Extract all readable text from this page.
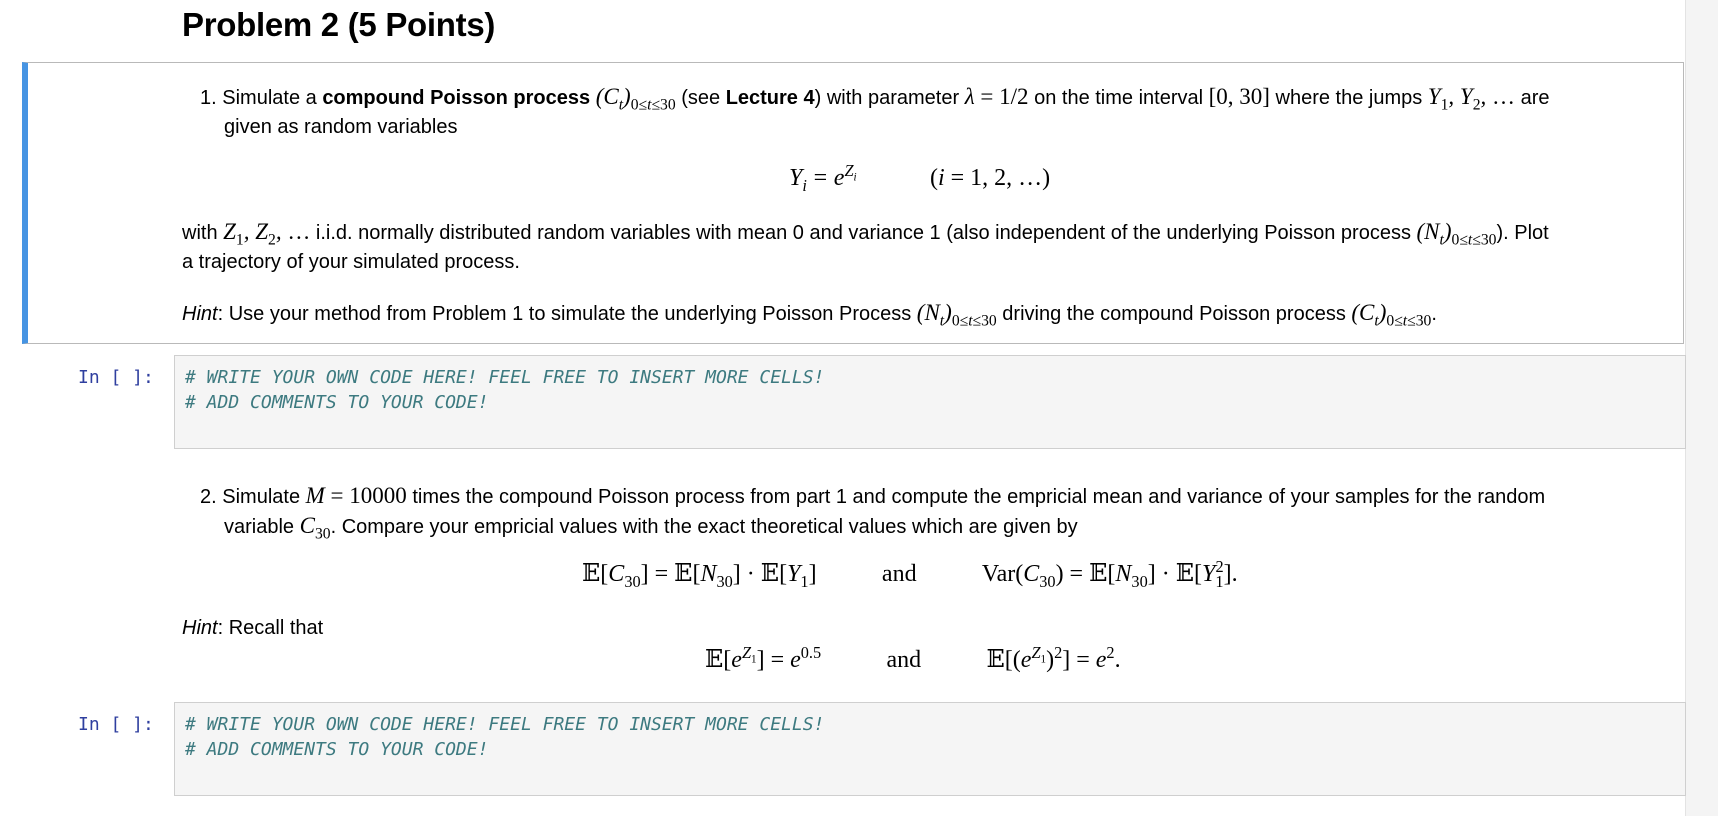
Problem 2 (5 Points)
1. Simulate a compound Poisson process $(C_t)_{0\le t\le 30}$ (see Lecture 4) with parameter λ = 1/2 on the time interval [0, 30] where the jumps $Y_1$, $Y_2$, … are
given as random variables
$Y_i = e^{Z_i}$	(i = 1, 2, …)
with $Z_1$, $Z_2$, … i.i.d. normally distributed random variables with mean 0 and variance 1 (also independent of the underlying Poisson process $(N_t)_{0\le t\le 30}$). Plot
a trajectory of your simulated process.
Hint: Use your method from Problem 1 to simulate the underlying Poisson Process $(N_t)_{0\le t\le 30}$ driving the compound Poisson process $(C_t)_{0\le t\le 30}$.
In [ ]: # WRITE YOUR OWN CODE HERE! FEEL FREE TO INSERT MORE CELLS!
# ADD COMMENTS TO YOUR CODE!
2. Simulate M = 10000 times the compound Poisson process from part 1 and compute the empricial mean and variance of your samples for the random
variable $C_{30}$. Compare your empricial values with the exact theoretical values which are given by
$𝔼[C_{30}]$ = $𝔼[N_{30}]$ · $𝔼[Y_1]$	and	$Var(C_{30})$ = $𝔼[N_{30}]$ · $𝔼[Y_1^2]$.
Hint: Recall that
$𝔼[e^{Z_1}] = e^{0.5}$	and	$𝔼[(e^{Z_1})^2] = e^2$.
In [ ]: # WRITE YOUR OWN CODE HERE! FEEL FREE TO INSERT MORE CELLS!
# ADD COMMENTS TO YOUR CODE!
